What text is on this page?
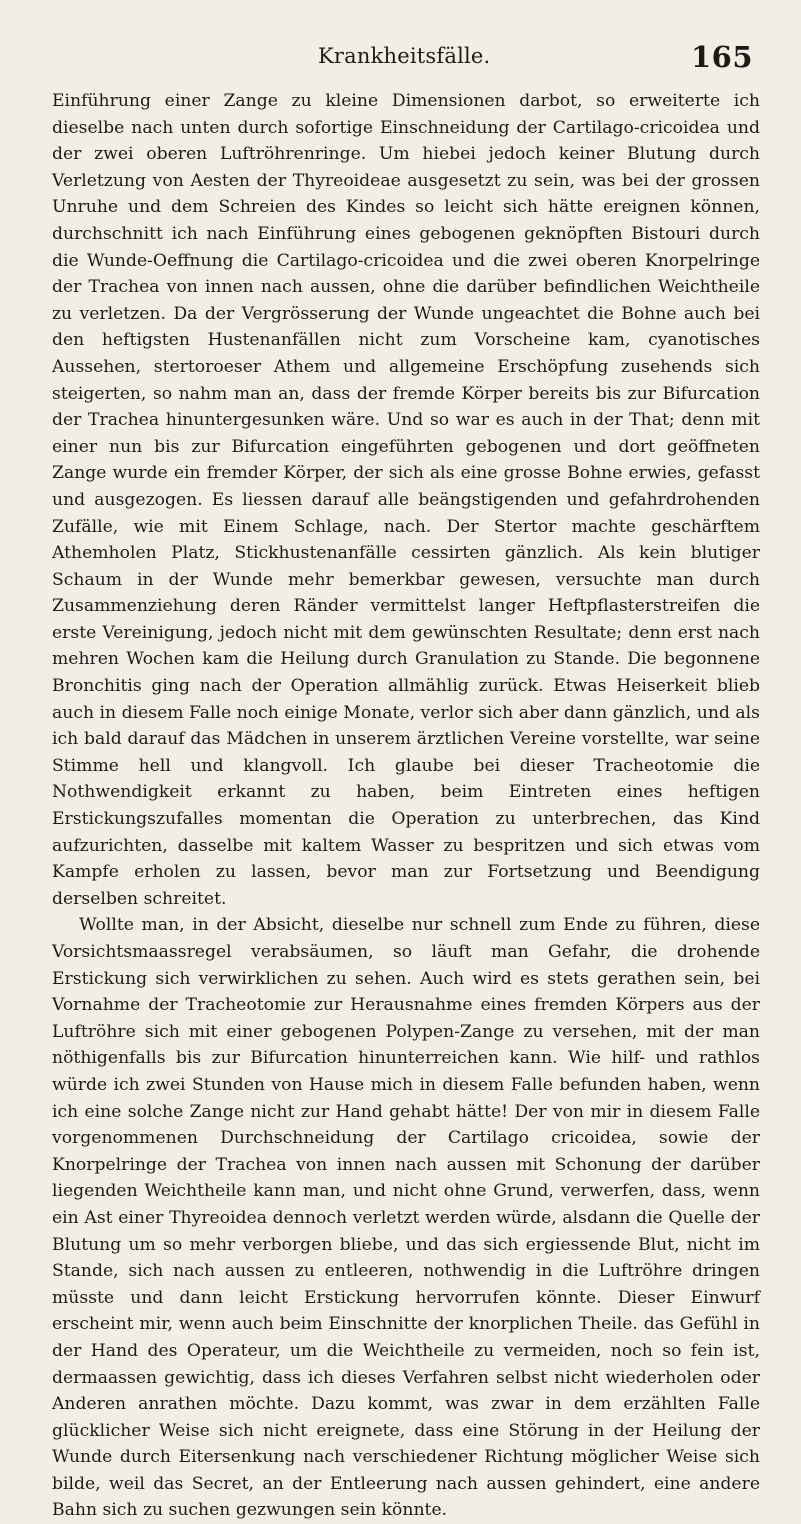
Krankheitsfälle.	165

Einführung einer Zange zu kleine Dimensionen darbot, so erweiterte ich dieselbe nach unten durch sofortige Einschneidung der Cartilago-cricoidea und der zwei oberen Luftröhrenringe. Um hiebei jedoch keiner Blutung durch Verletzung von Aesten der Thyreoideae ausgesetzt zu sein, was bei der grossen Unruhe und dem Schreien des Kindes so leicht sich hätte ereignen können, durchschnitt ich nach Einführung eines gebogenen geknöpften Bistouri durch die Wunde-Oeffnung die Cartilago-cricoidea und die zwei oberen Knorpelringe der Trachea von innen nach aussen, ohne die darüber befindlichen Weichtheile zu verletzen. Da der Vergrösserung der Wunde ungeachtet die Bohne auch bei den heftigsten Hustenanfällen nicht zum Vorscheine kam, cyanotisches Aussehen, stertoroeser Athem und allgemeine Erschöpfung zusehends sich steigerten, so nahm man an, dass der fremde Körper bereits bis zur Bifurcation der Trachea hinuntergesunken wäre. Und so war es auch in der That; denn mit einer nun bis zur Bifurcation eingeführten gebogenen und dort geöffneten Zange wurde ein fremder Körper, der sich als eine grosse Bohne erwies, gefasst und ausgezogen. Es liessen darauf alle beängstigenden und gefahrdrohenden Zufälle, wie mit Einem Schlage, nach. Der Stertor machte geschärftem Athemholen Platz, Stickhustenanfälle cessirten gänzlich. Als kein blutiger Schaum in der Wunde mehr bemerkbar gewesen, versuchte man durch Zusammenziehung deren Ränder vermittelst langer Heftpflasterstreifen die erste Vereinigung, jedoch nicht mit dem gewünschten Resultate; denn erst nach mehren Wochen kam die Heilung durch Granulation zu Stande. Die begonnene Bronchitis ging nach der Operation allmählig zurück. Etwas Heiserkeit blieb auch in diesem Falle noch einige Monate, verlor sich aber dann gänzlich, und als ich bald darauf das Mädchen in unserem ärztlichen Vereine vorstellte, war seine Stimme hell und klangvoll. Ich glaube bei dieser Tracheotomie die Nothwendigkeit erkannt zu haben, beim Eintreten eines heftigen Erstickungszufalles momentan die Operation zu unterbrechen, das Kind aufzurichten, dasselbe mit kaltem Wasser zu bespritzen und sich etwas vom Kampfe erholen zu lassen, bevor man zur Fortsetzung und Beendigung derselben schreitet.

Wollte man, in der Absicht, dieselbe nur schnell zum Ende zu führen, diese Vorsichtsmaassregel verabsäumen, so läuft man Gefahr, die drohende Erstickung sich verwirklichen zu sehen. Auch wird es stets gerathen sein, bei Vornahme der Tracheotomie zur Herausnahme eines fremden Körpers aus der Luftröhre sich mit einer gebogenen Polypen-Zange zu versehen, mit der man nöthigenfalls bis zur Bifurcation hinunterreichen kann. Wie hilf- und rathlos würde ich zwei Stunden von Hause mich in diesem Falle befunden haben, wenn ich eine solche Zange nicht zur Hand gehabt hätte! Der von mir in diesem Falle vorgenommenen Durchschneidung der Cartilago cricoidea, sowie der Knorpelringe der Trachea von innen nach aussen mit Schonung der darüber liegenden Weichtheile kann man, und nicht ohne Grund, verwerfen, dass, wenn ein Ast einer Thyreoidea dennoch verletzt werden würde, alsdann die Quelle der Blutung um so mehr verborgen bliebe, und das sich ergiessende Blut, nicht im Stande, sich nach aussen zu entleeren, nothwendig in die Luftröhre dringen müsste und dann leicht Erstickung hervorrufen könnte. Dieser Einwurf erscheint mir, wenn auch beim Einschnitte der knorplichen Theile. das Gefühl in der Hand des Operateur, um die Weichtheile zu vermeiden, noch so fein ist, dermaassen gewichtig, dass ich dieses Verfahren selbst nicht wiederholen oder Anderen anrathen möchte. Dazu kommt, was zwar in dem erzählten Falle glücklicher Weise sich nicht ereignete, dass eine Störung in der Heilung der Wunde durch Eitersenkung nach verschiedener Richtung möglicher Weise sich bilde, weil das Secret, an der Entleerung nach aussen gehindert, eine andere Bahn sich zu suchen gezwungen sein könnte.
